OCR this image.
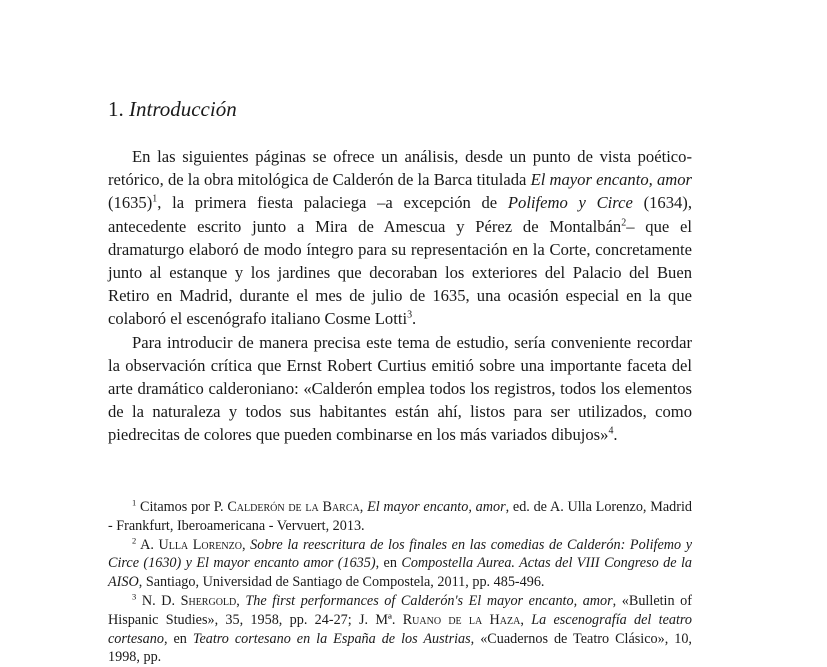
1. Introducción

En las siguientes páginas se ofrece un análisis, desde un punto de vista poético-retórico, de la obra mitológica de Calderón de la Barca titulada El mayor encanto, amor $(1635)^1$, la primera fiesta palaciega –a excepción de Polifemo y Circe (1634), antecedente escrito junto a Mira de Amescua y Pérez de Montalbán$^2$– que el dramaturgo elaboró de modo íntegro para su representación en la Corte, concretamente junto al estanque y los jardines que decoraban los exteriores del Palacio del Buen Retiro en Madrid, durante el mes de julio de 1635, una ocasión especial en la que colaboró el escenógrafo italiano Cosme Lotti$^3$.

Para introducir de manera precisa este tema de estudio, sería conveniente recordar la observación crítica que Ernst Robert Curtius emitió sobre una importante faceta del arte dramático calderoniano: «Calderón emplea todos los registros, todos los elementos de la naturaleza y todos sus habitantes están ahí, listos para ser utilizados, como piedrecitas de colores que pueden combinarse en los más variados dibujos»$^4$.

$^1$ Citamos por P. Calderón de la Barca, El mayor encanto, amor, ed. de A. Ulla Lorenzo, Madrid - Frankfurt, Iberoamericana - Vervuert, 2013.

$^2$ A. Ulla Lorenzo, Sobre la reescritura de los finales en las comedias de Calderón: Polifemo y Circe (1630) y El mayor encanto amor (1635), en Compostella Aurea. Actas del VIII Congreso de la AISO, Santiago, Universidad de Santiago de Compostela, 2011, pp. 485-496.

$^3$ N. D. Shergold, The first performances of Calderón's El mayor encanto, amor, «Bulletin of Hispanic Studies», 35, 1958, pp. 24-27; J. Mª. Ruano de la Haza, La escenografía del teatro cortesano, en Teatro cortesano en la España de los Austrias, «Cuadernos de Teatro Clásico», 10, 1998, pp.
